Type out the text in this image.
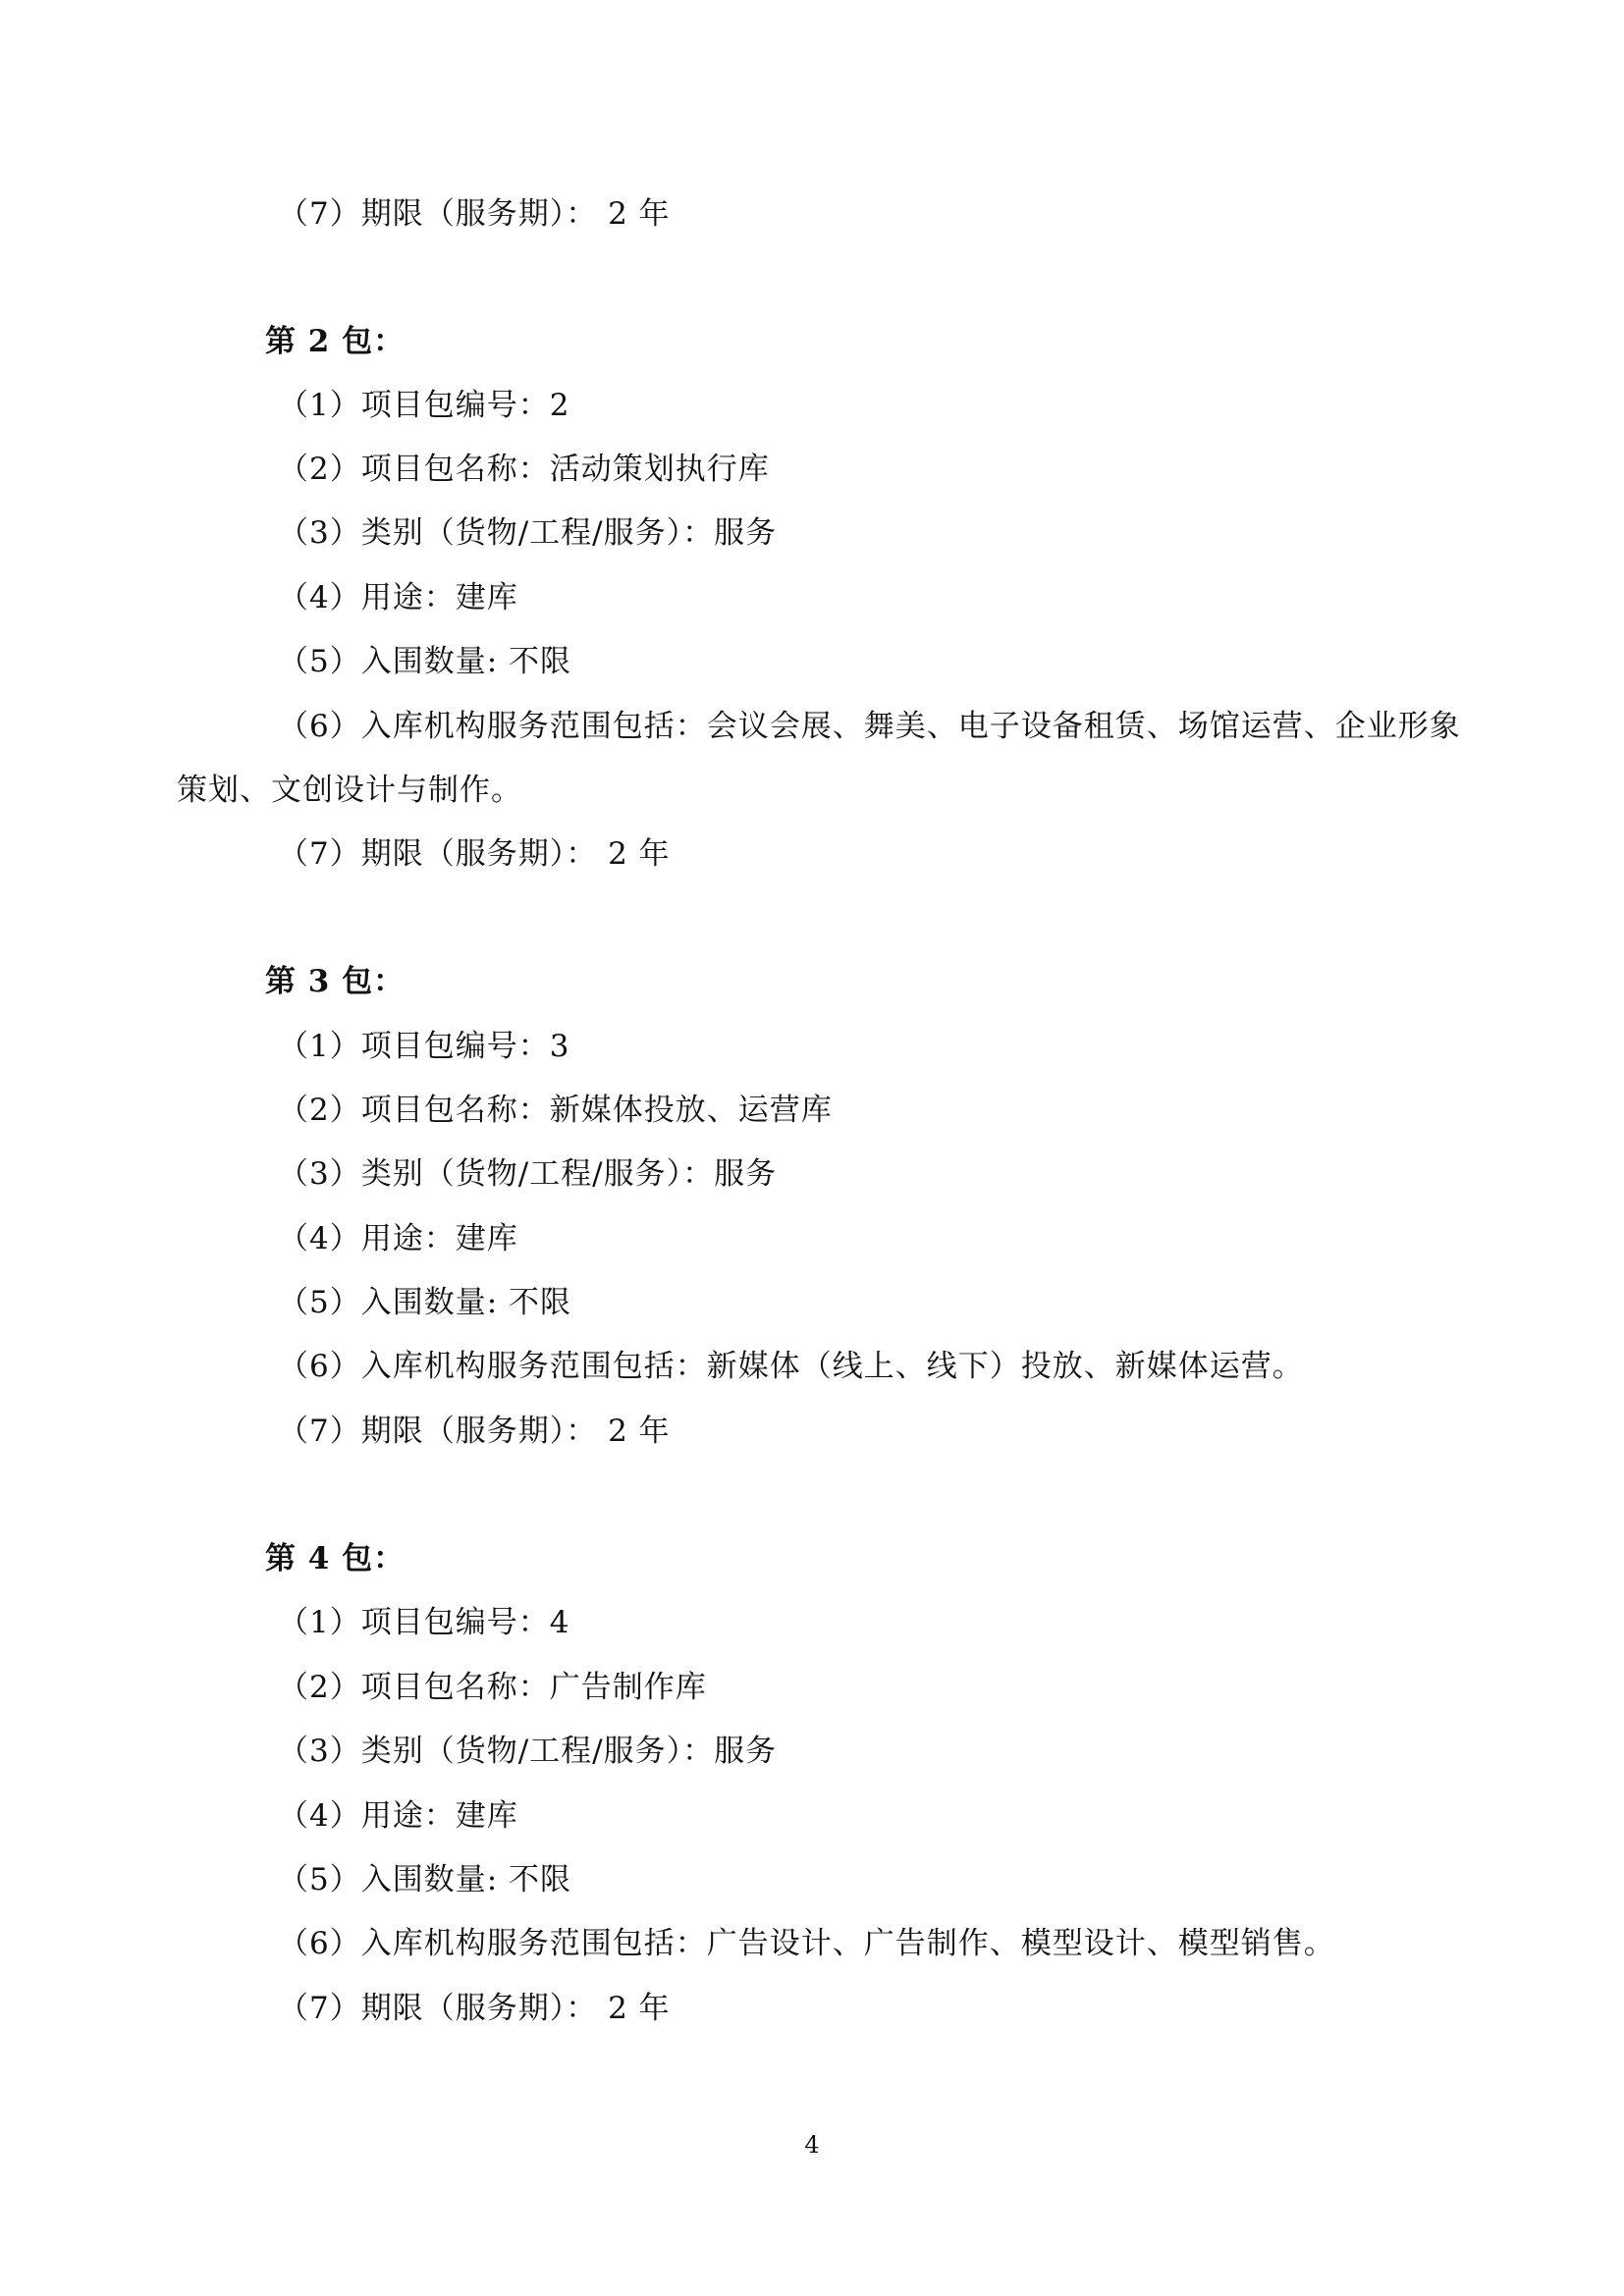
（7）期限（服务期）： 2 年
第 2 包：
（1）项目包编号：2
（2）项目包名称：活动策划执行库
（3）类别（货物/工程/服务）：服务
（4）用途：建库
（5）入围数量: 不限
（6）入库机构服务范围包括：会议会展、舞美、电子设备租赁、场馆运营、企业形象
策划、文创设计与制作。
（7）期限（服务期）： 2 年
第 3 包：
（1）项目包编号：3
（2）项目包名称：新媒体投放、运营库
（3）类别（货物/工程/服务）：服务
（4）用途：建库
（5）入围数量: 不限
（6）入库机构服务范围包括：新媒体（线上、线下）投放、新媒体运营。
（7）期限（服务期）： 2 年
第 4 包：
（1）项目包编号：4
（2）项目包名称：广告制作库
（3）类别（货物/工程/服务）：服务
（4）用途：建库
（5）入围数量: 不限
（6）入库机构服务范围包括：广告设计、广告制作、模型设计、模型销售。
（7）期限（服务期）： 2 年
4
